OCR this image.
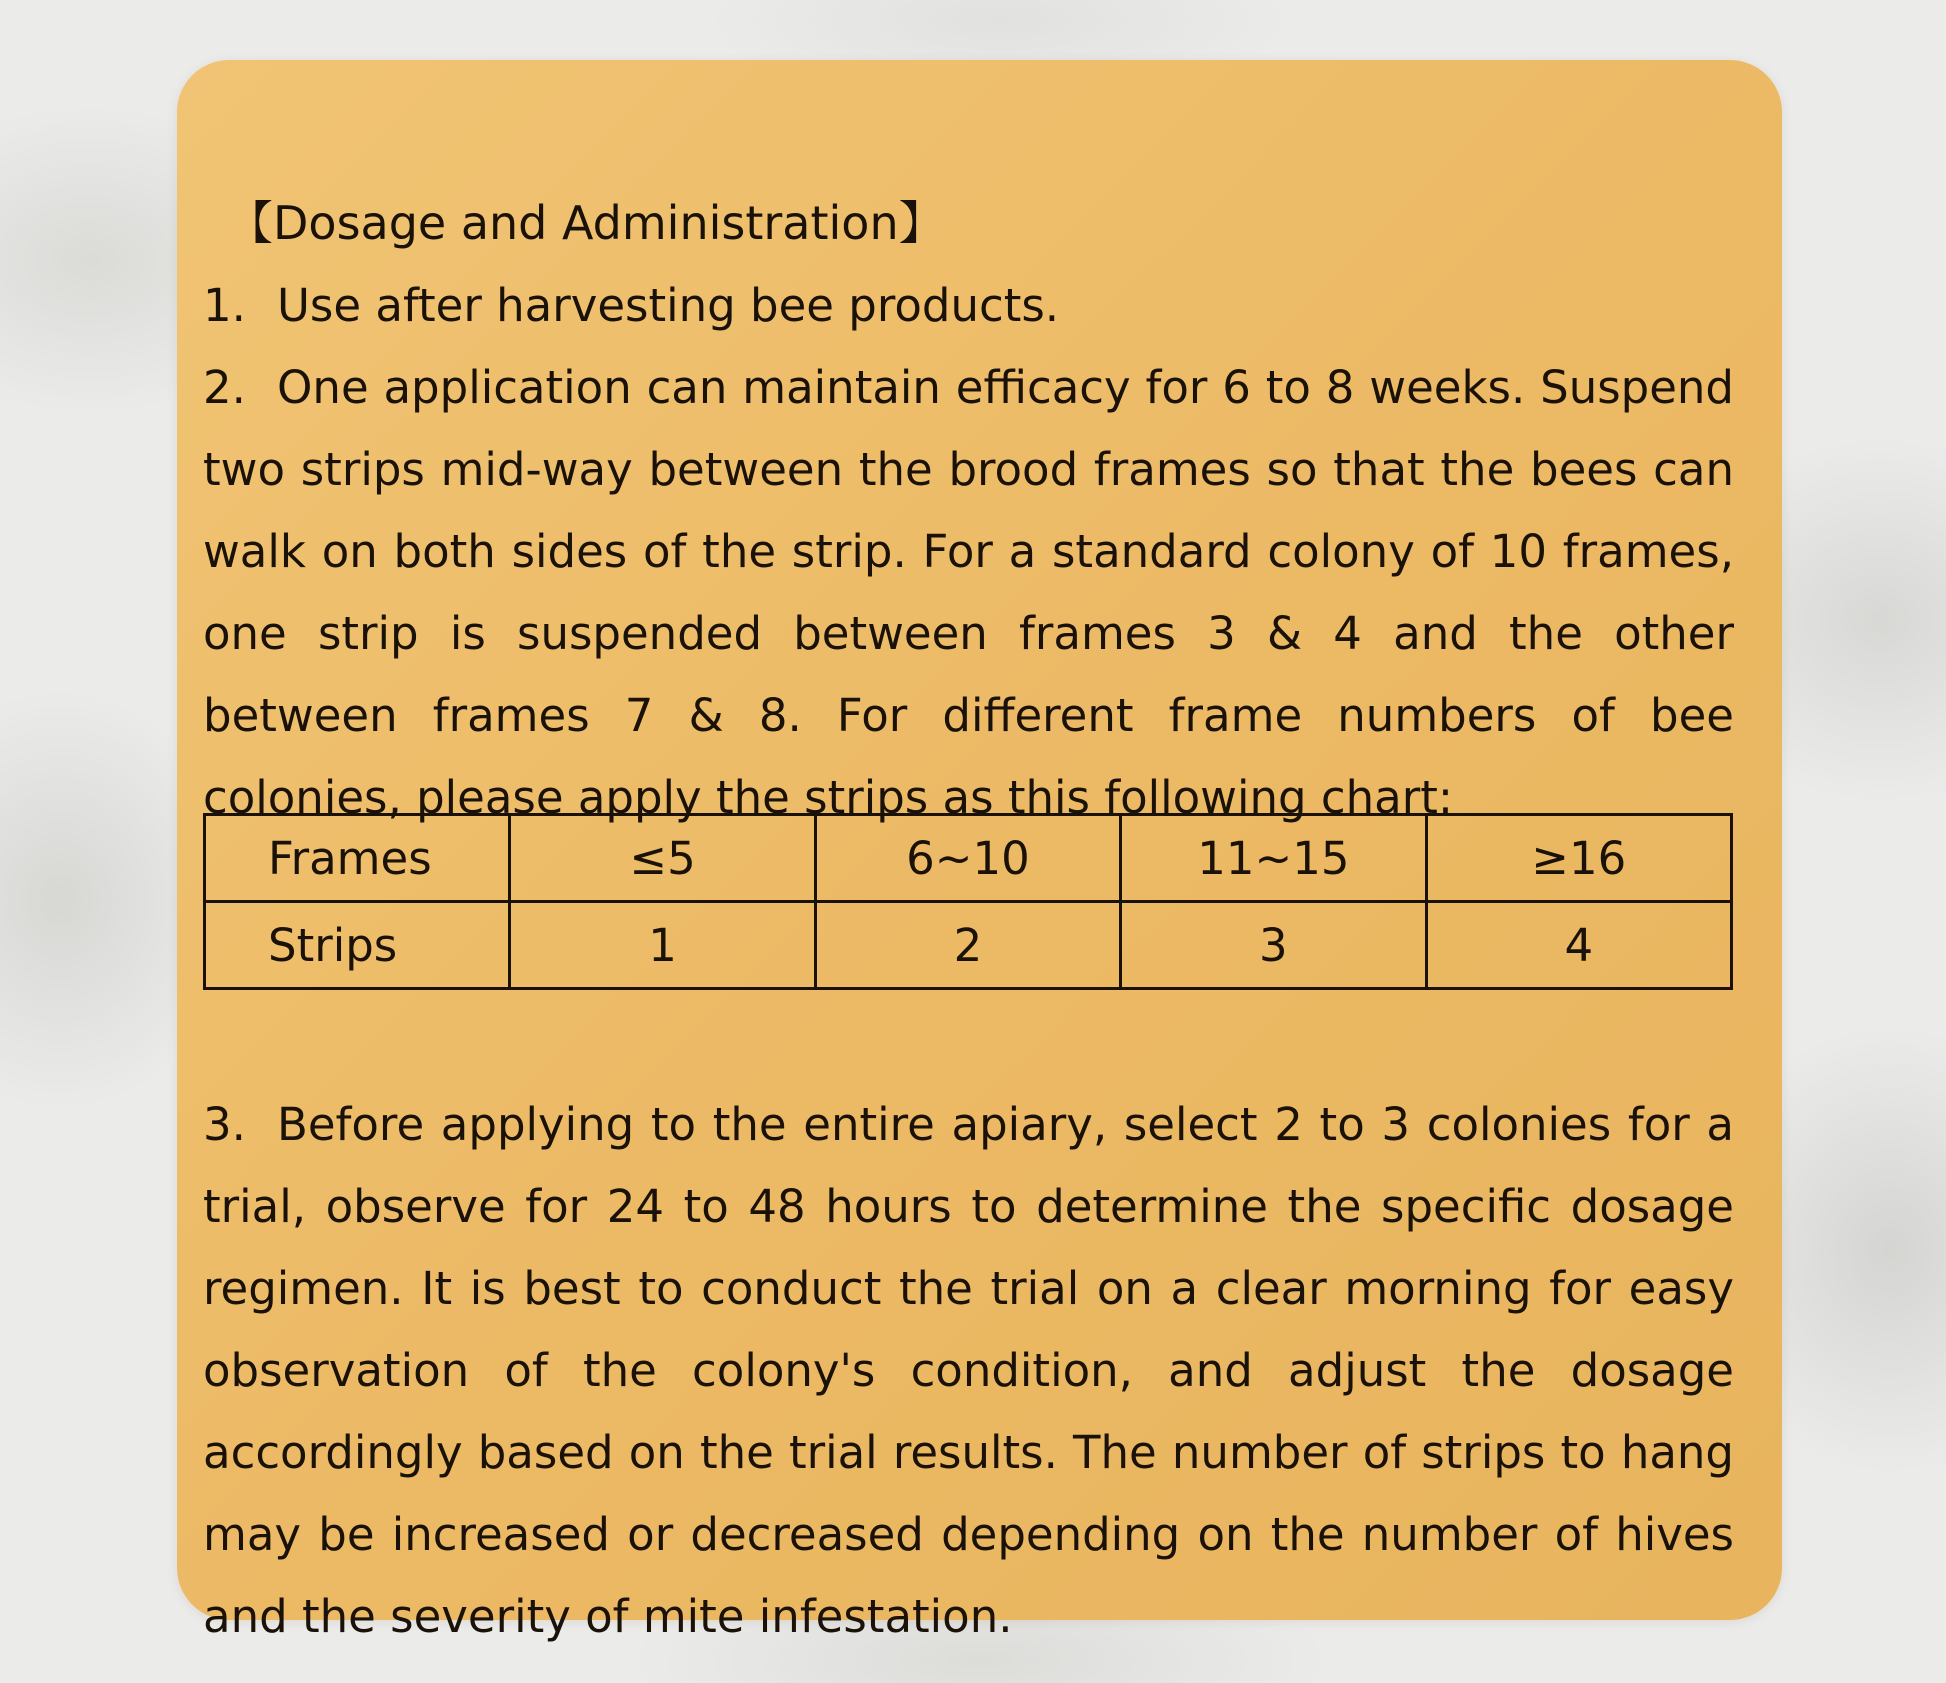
【Dosage and Administration】
1. Use after harvesting bee products.
2. One application can maintain efficacy for 6 to 8 weeks. Suspend two strips mid-way between the brood frames so that the bees can walk on both sides of the strip. For a standard colony of 10 frames, one strip is suspended between frames 3 & 4 and the other between frames 7 & 8. For different frame numbers of bee colonies, please apply the strips as this following chart:
Frames	≤5	6~10	11~15	≥16
Strips	1	2	3	4
3. Before applying to the entire apiary, select 2 to 3 colonies for a trial, observe for 24 to 48 hours to determine the specific dosage regimen. It is best to conduct the trial on a clear morning for easy observation of the colony's condition, and adjust the dosage accordingly based on the trial results. The number of strips to hang may be increased or decreased depending on the number of hives and the severity of mite infestation.
